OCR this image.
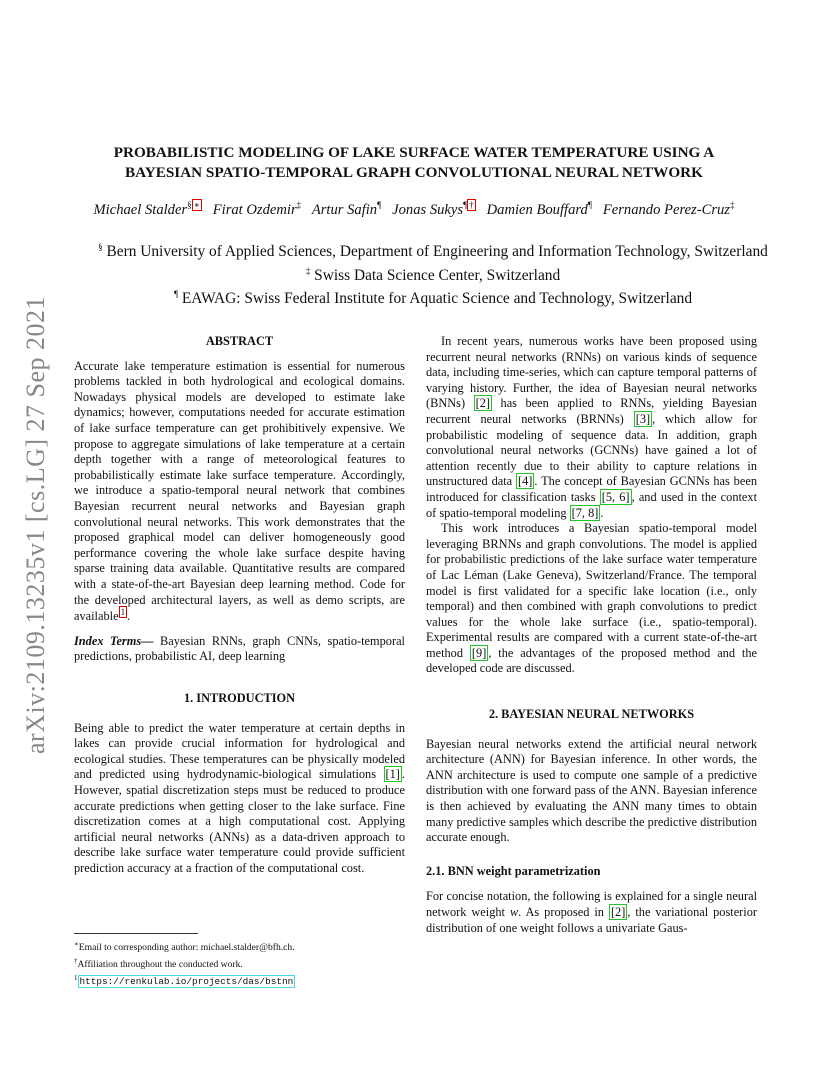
arXiv:2109.13235v1 [cs.LG] 27 Sep 2021
PROBABILISTIC MODELING OF LAKE SURFACE WATER TEMPERATURE USING A
BAYESIAN SPATIO-TEMPORAL GRAPH CONVOLUTIONAL NEURAL NETWORK
Michael Stalder§ ∗ Firat Ozdemir‡ Artur Safin¶ Jonas Sukys¶ † Damien Bouffard¶ Fernando Perez-Cruz‡
§ Bern University of Applied Sciences, Department of Engineering and Information Technology, Switzerland
‡ Swiss Data Science Center, Switzerland
¶ EAWAG: Swiss Federal Institute for Aquatic Science and Technology, Switzerland

ABSTRACT

Accurate lake temperature estimation is essential for numerous problems tackled in both hydrological and ecological domains. Nowadays physical models are developed to estimate lake dynamics; however, computations needed for accurate estimation of lake surface temperature can get prohibitively expensive. We propose to aggregate simulations of lake temperature at a certain depth together with a range of meteorological features to probabilistically estimate lake surface temperature. Accordingly, we introduce a spatio-temporal neural network that combines Bayesian recurrent neural networks and Bayesian graph convolutional neural networks. This work demonstrates that the proposed graphical model can deliver homogeneously good performance covering the whole lake surface despite having sparse training data available. Quantitative results are compared with a state-of-the-art Bayesian deep learning method. Code for the developed architectural layers, as well as demo scripts, are available $^1$ .

Index Terms— Bayesian RNNs, graph CNNs, spatio-temporal predictions, probabilistic AI, deep learning

1. INTRODUCTION

Being able to predict the water temperature at certain depths in lakes can provide crucial information for hydrological and ecological studies. These temperatures can be physically modeled and predicted using hydrodynamic-biological simulations [1] . However, spatial discretization steps must be reduced to produce accurate predictions when getting closer to the lake surface. Fine discretization comes at a high computational cost. Applying artificial neural networks (ANNs) as a data-driven approach to describe lake surface water temperature could provide sufficient prediction accuracy at a fraction of the computational cost.

In recent years, numerous works have been proposed using recurrent neural networks (RNNs) on various kinds of sequence data, including time-series, which can capture temporal patterns of varying history. Further, the idea of Bayesian neural networks (BNNs) [2] has been applied to RNNs, yielding Bayesian recurrent neural networks (BRNNs) [3] , which allow for probabilistic modeling of sequence data. In addition, graph convolutional neural networks (GCNNs) have gained a lot of attention recently due to their ability to capture relations in unstructured data [4] . The concept of Bayesian GCNNs has been introduced for classification tasks [5, 6] , and used in the context of spatio-temporal modeling [7, 8] .

This work introduces a Bayesian spatio-temporal model leveraging BRNNs and graph convolutions. The model is applied for probabilistic predictions of the lake surface water temperature of Lac Léman (Lake Geneva), Switzerland/France. The temporal model is first validated for a specific lake location (i.e., only temporal) and then combined with graph convolutions to predict values for the whole lake surface (i.e., spatio-temporal). Experimental results are compared with a current state-of-the-art method [9] , the advantages of the proposed method and the developed code are discussed.

2. BAYESIAN NEURAL NETWORKS

Bayesian neural networks extend the artificial neural network architecture (ANN) for Bayesian inference. In other words, the ANN architecture is used to compute one sample of a predictive distribution with one forward pass of the ANN. Bayesian inference is then achieved by evaluating the ANN many times to obtain many predictive samples which describe the predictive distribution accurate enough.

2.1. BNN weight parametrization

For concise notation, the following is explained for a single neural network weight w. As proposed in [2] , the variational posterior distribution of one weight follows a univariate Gaus-

∗Email to corresponding author: michael.stalder@bfh.ch.
†Affiliation throughout the conducted work.
$^1$ https://renkulab.io/projects/das/bstnn
